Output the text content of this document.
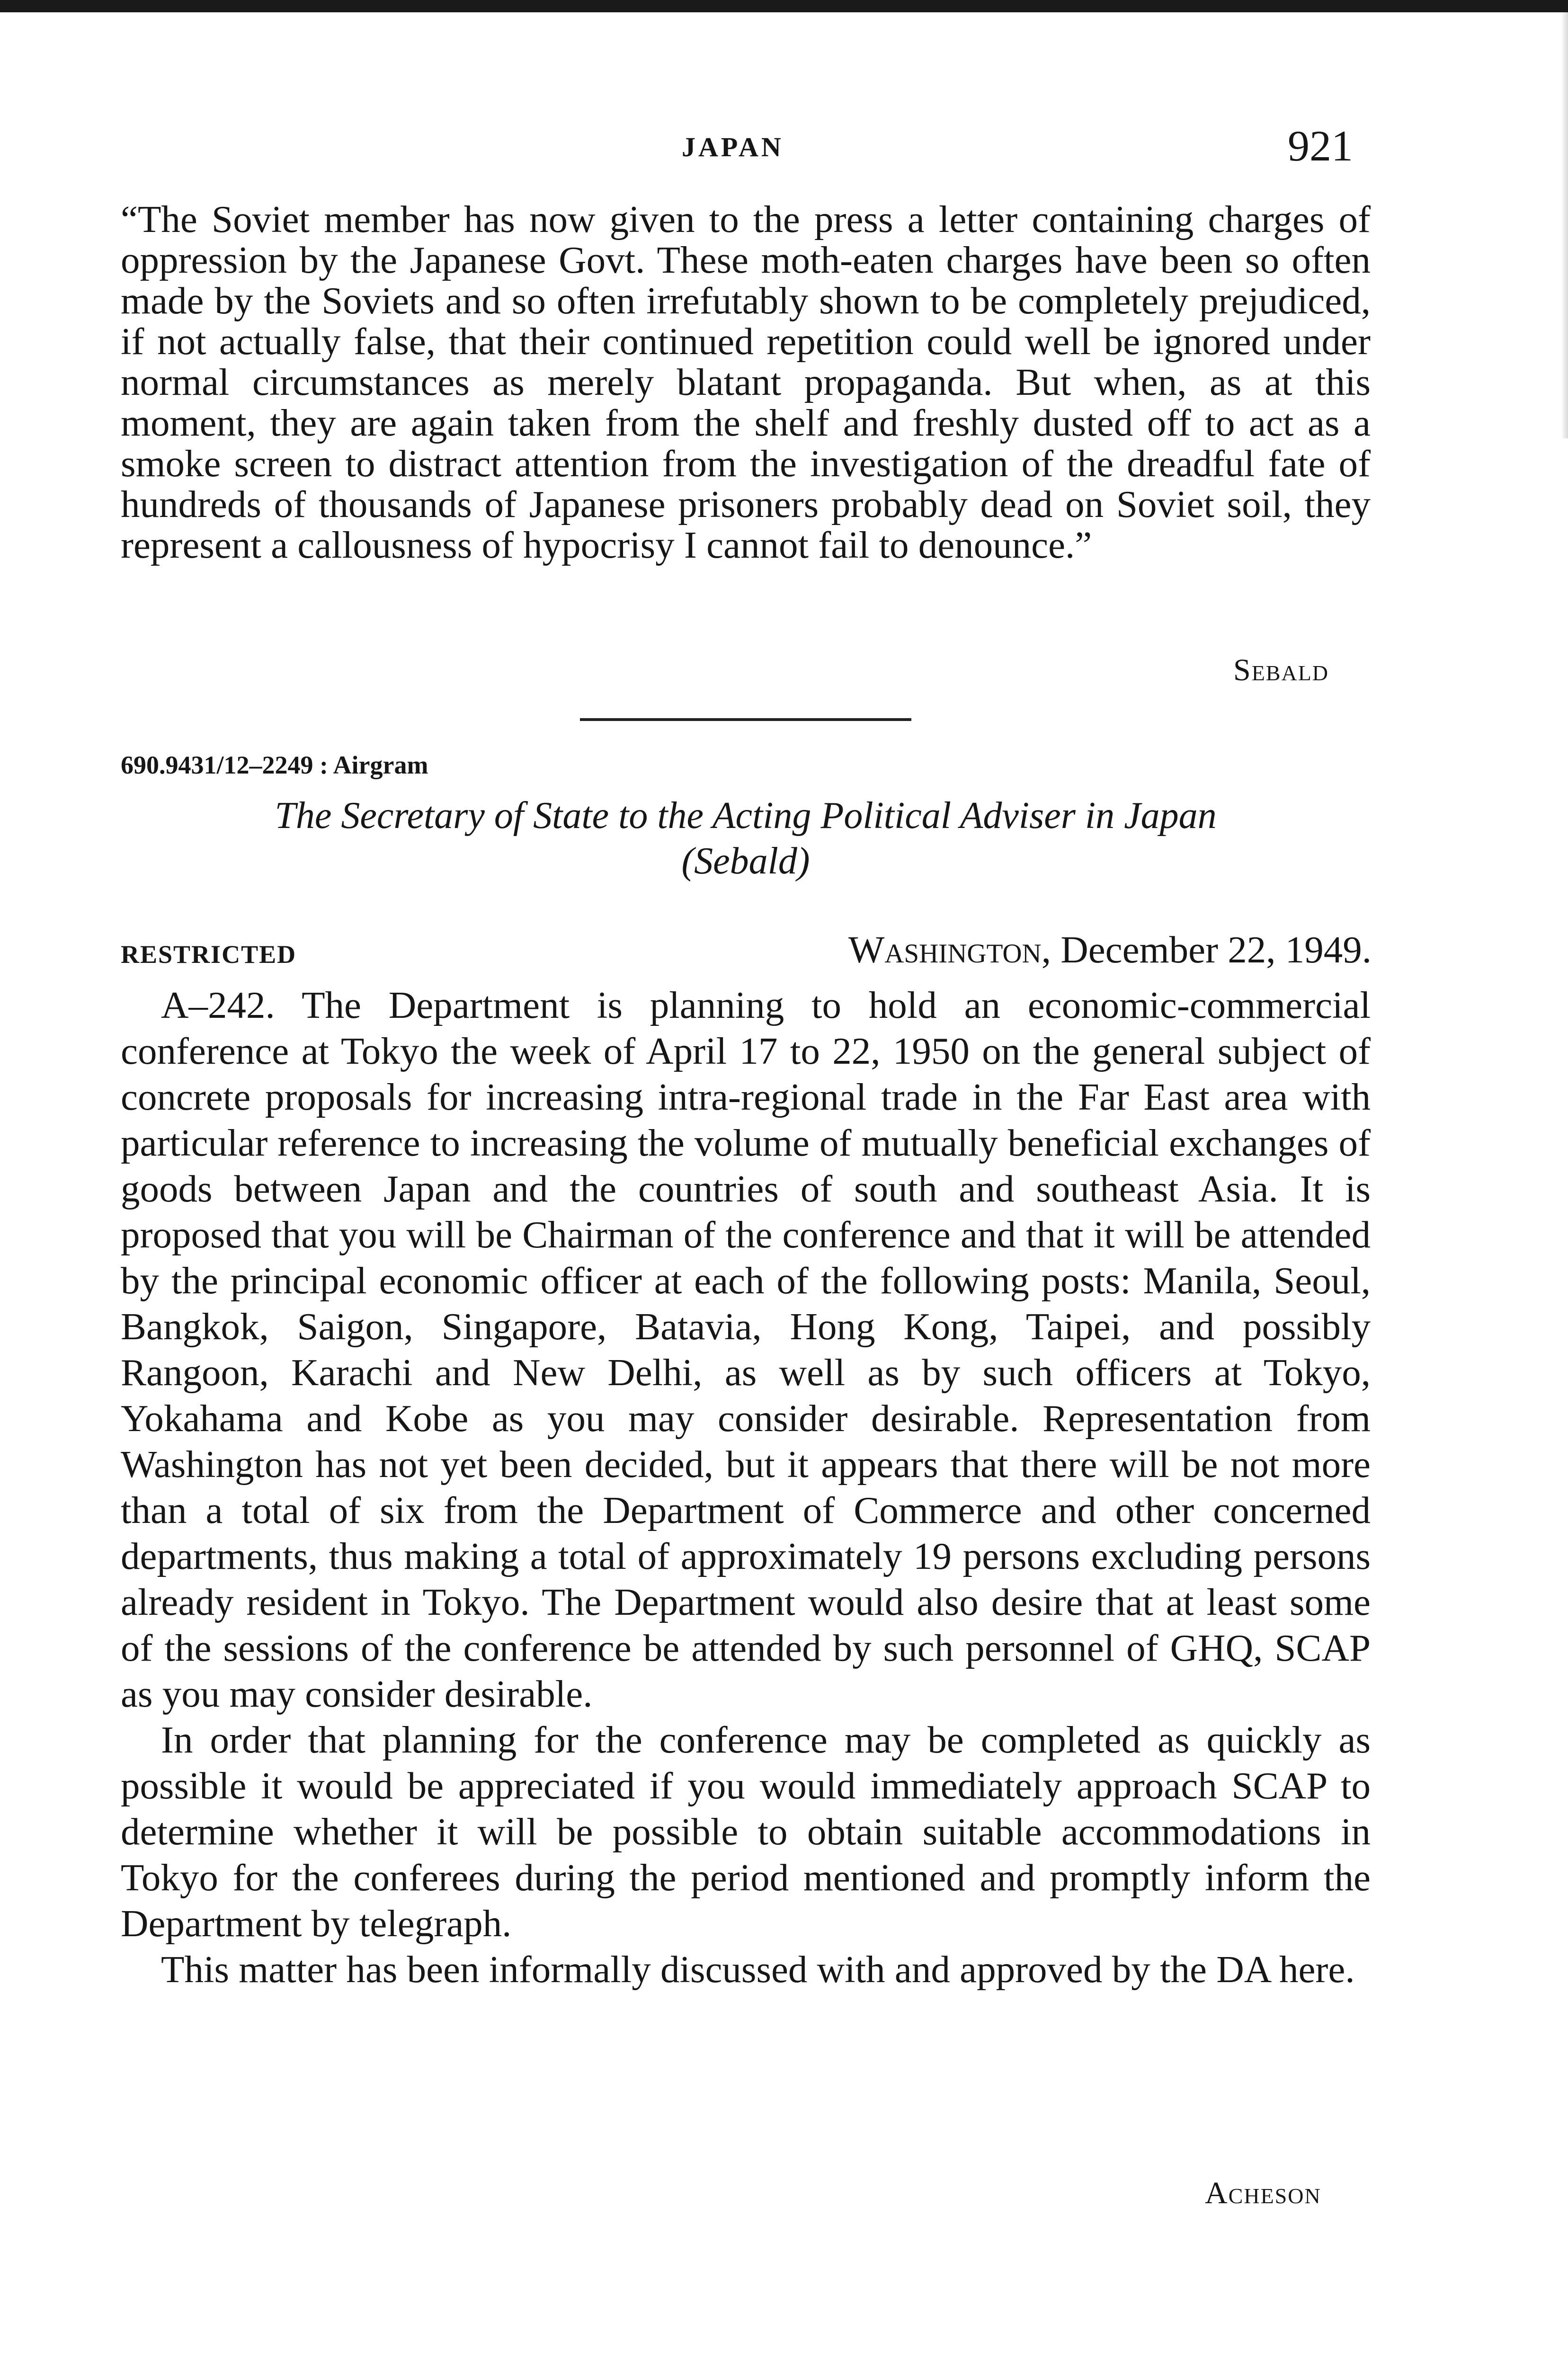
JAPAN	921
“The Soviet member has now given to the press a letter containing charges of oppression by the Japanese Govt. These moth-eaten charges have been so often made by the Soviets and so often irrefutably shown to be completely prejudiced, if not actually false, that their continued repetition could well be ignored under normal circumstances as merely blatant propaganda. But when, as at this moment, they are again taken from the shelf and freshly dusted off to act as a smoke screen to distract attention from the investigation of the dreadful fate of hundreds of thousands of Japanese prisoners probably dead on Soviet soil, they represent a callousness of hypocrisy I cannot fail to denounce.”
Sebald
690.9431/12–2249 : Airgram
The Secretary of State to the Acting Political Adviser in Japan
(Sebald)
RESTRICTED	Washington, December 22, 1949.

A–242. The Department is planning to hold an economic-commercial conference at Tokyo the week of April 17 to 22, 1950 on the general subject of concrete proposals for increasing intra-regional trade in the Far East area with particular reference to increasing the volume of mutually beneficial exchanges of goods between Japan and the countries of south and southeast Asia. It is proposed that you will be Chairman of the conference and that it will be attended by the principal economic officer at each of the following posts: Manila, Seoul, Bangkok, Saigon, Singapore, Batavia, Hong Kong, Taipei, and possibly Rangoon, Karachi and New Delhi, as well as by such officers at Tokyo, Yokahama and Kobe as you may consider desirable. Representation from Washington has not yet been decided, but it appears that there will be not more than a total of six from the Department of Commerce and other concerned departments, thus making a total of approximately 19 persons excluding persons already resident in Tokyo. The Department would also desire that at least some of the sessions of the conference be attended by such personnel of GHQ, SCAP as you may consider desirable.

In order that planning for the conference may be completed as quickly as possible it would be appreciated if you would immediately approach SCAP to determine whether it will be possible to obtain suitable accommodations in Tokyo for the conferees during the period mentioned and promptly inform the Department by telegraph.

This matter has been informally discussed with and approved by the DA here.

Acheson
